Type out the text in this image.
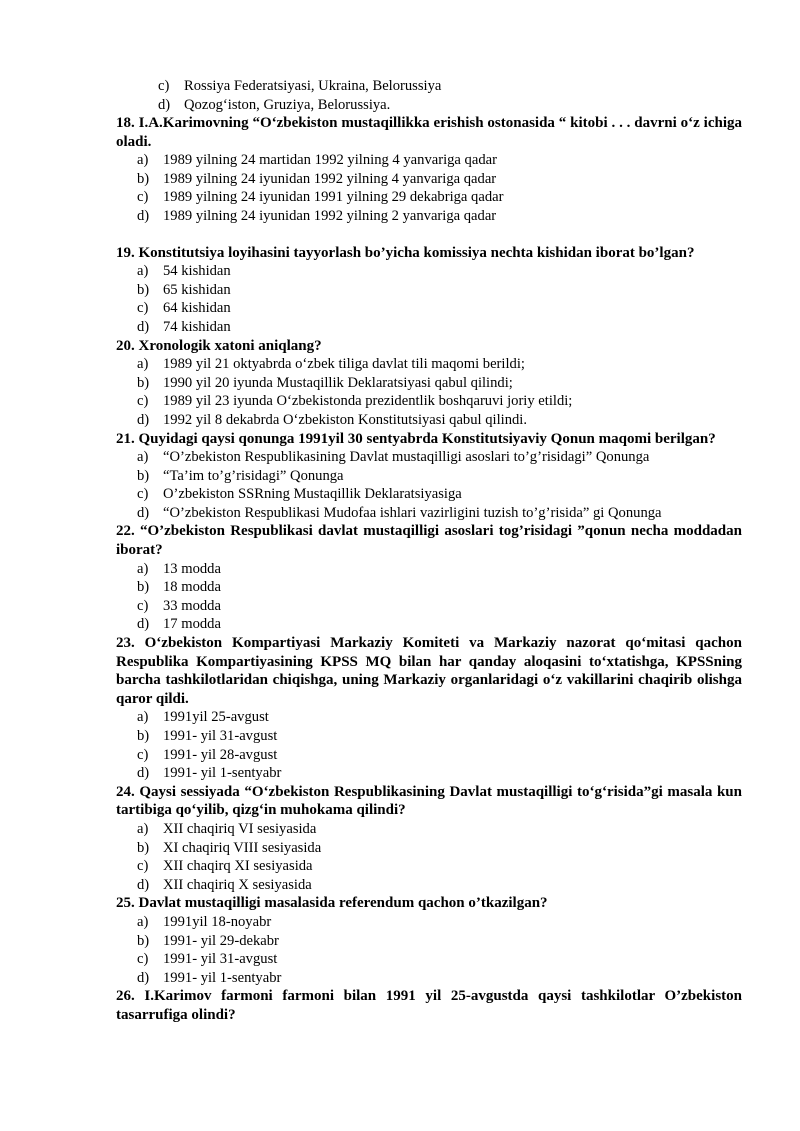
c)	Rossiya Federatsiyasi, Ukraina, Belorussiya
d) Qozog‘iston, Gruziya, Belorussiya.
18. I.A.Karimovning “O‘zbekiston mustaqillikka erishish ostonasida “ kitobi . . . davrni o‘z ichiga oladi.
a)	1989 yilning 24 martidan 1992 yilning 4 yanvariga qadar
b) 1989 yilning 24 iyunidan 1992 yilning 4 yanvariga qadar
c)	1989 yilning 24 iyunidan 1991 yilning 29 dekabriga qadar
d) 1989 yilning 24 iyunidan 1992 yilning 2 yanvariga qadar
19. Konstitutsiya loyihasini tayyorlash bo’yicha komissiya nechta kishidan iborat bo’lgan?
a)	54 kishidan
b) 65 kishidan
c)	64 kishidan
d) 74 kishidan
20. Xronologik xatoni aniqlang?
a)	1989 yil 21 oktyabrda o‘zbek tiliga davlat tili maqomi berildi;
b) 1990 yil 20 iyunda Mustaqillik Deklaratsiyasi qabul qilindi;
c)	1989 yil 23 iyunda O‘zbekistonda prezidentlik boshqaruvi joriy etildi;
d) 1992 yil 8 dekabrda O‘zbekiston Konstitutsiyasi qabul qilindi.
21. Quyidagi qaysi qonunga 1991yil 30 sentyabrda Konstitutsiyaviy Qonun maqomi berilgan?
a)	“O’zbekiston Respublikasining Davlat mustaqilligi asoslari to’g’risidagi” Qonunga
b) “Ta’im to’g’risidagi” Qonunga
c)	O’zbekiston SSRning Mustaqillik Deklaratsiyasiga
d) “O’zbekiston Respublikasi Mudofaa ishlari vazirligini tuzish to’g’risida” gi Qonunga
22. “O’zbekiston Respublikasi davlat mustaqilligi asoslari tog’risidagi ”qonun necha moddadan iborat?
a)	13 modda
b) 18 modda
c)	33 modda
d) 17 modda
23. O‘zbekiston Kompartiyasi Markaziy Komiteti va Markaziy nazorat qo‘mitasi qachon Respublika Kompartiyasining KPSS MQ bilan har qanday aloqasini to‘xtatishga, KPSSning barcha tashkilotlaridan chiqishga, uning Markaziy organlaridagi o‘z vakillarini chaqirib olishga qaror qildi.
a)	1991yil 25-avgust
b) 1991- yil 31-avgust
c)	1991- yil 28-avgust
d) 1991- yil 1-sentyabr
24. Qaysi sessiyada “O‘zbekiston Respublikasining Davlat mustaqilligi to‘g‘risida”gi masala kun tartibiga qo‘yilib, qizg‘in muhokama qilindi?
a)	XII chaqiriq VI sesiyasida
b) XI chaqiriq VIII sesiyasida
c)	XII chaqirq XI sesiyasida
d) XII chaqiriq X sesiyasida
25. Davlat mustaqilligi masalasida referendum qachon o’tkazilgan?
a)	1991yil 18-noyabr
b) 1991- yil 29-dekabr
c)	1991- yil 31-avgust
d) 1991- yil 1-sentyabr
26. I.Karimov farmoni farmoni bilan 1991 yil 25-avgustda qaysi tashkilotlar O’zbekiston tasarrufiga olindi?
